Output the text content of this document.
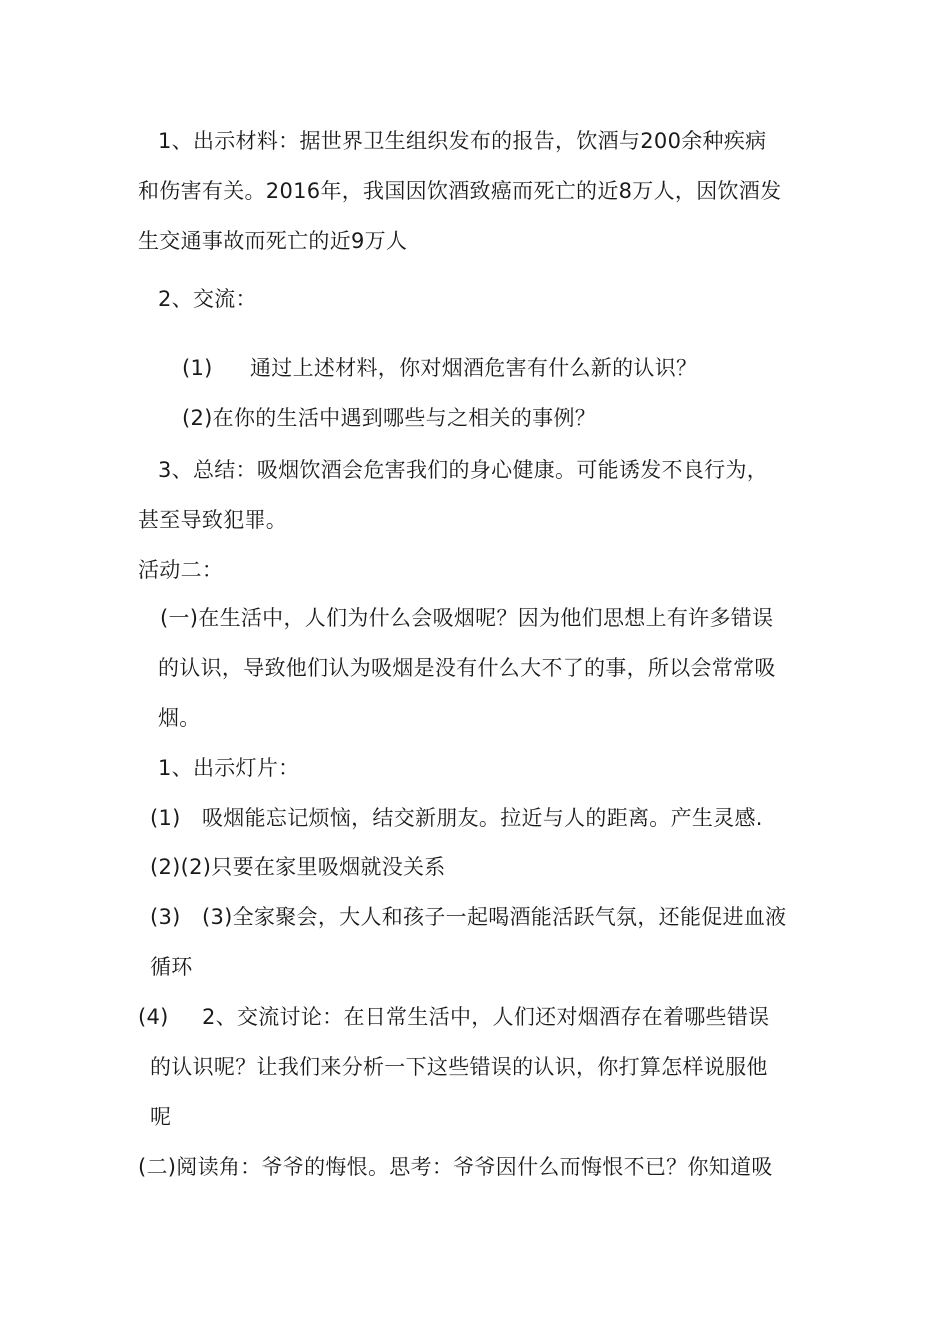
1、出示材料：据世界卫生组织发布的报告，饮酒与200余种疾病
和伤害有关。2016年，我国因饮酒致癌而死亡的近8万人，因饮酒发
生交通事故而死亡的近9万人
2、交流：
(1) 通过上述材料，你对烟酒危害有什么新的认识？
(2)在你的生活中遇到哪些与之相关的事例？
3、总结：吸烟饮酒会危害我们的身心健康。可能诱发不良行为，
甚至导致犯罪。
活动二：
(一)在生活中，人们为什么会吸烟呢？因为他们思想上有许多错误
的认识，导致他们认为吸烟是没有什么大不了的事，所以会常常吸
烟。
1、出示灯片：
(1) 吸烟能忘记烦恼，结交新朋友。拉近与人的距离。产生灵感.
(2)(2)只要在家里吸烟就没关系
(3) (3)全家聚会，大人和孩子一起喝酒能活跃气氛，还能促进血液
循环
(4) 2、交流讨论：在日常生活中，人们还对烟酒存在着哪些错误
的认识呢？让我们来分析一下这些错误的认识，你打算怎样说服他
呢
(二)阅读角：爷爷的悔恨。思考：爷爷因什么而悔恨不已？你知道吸
